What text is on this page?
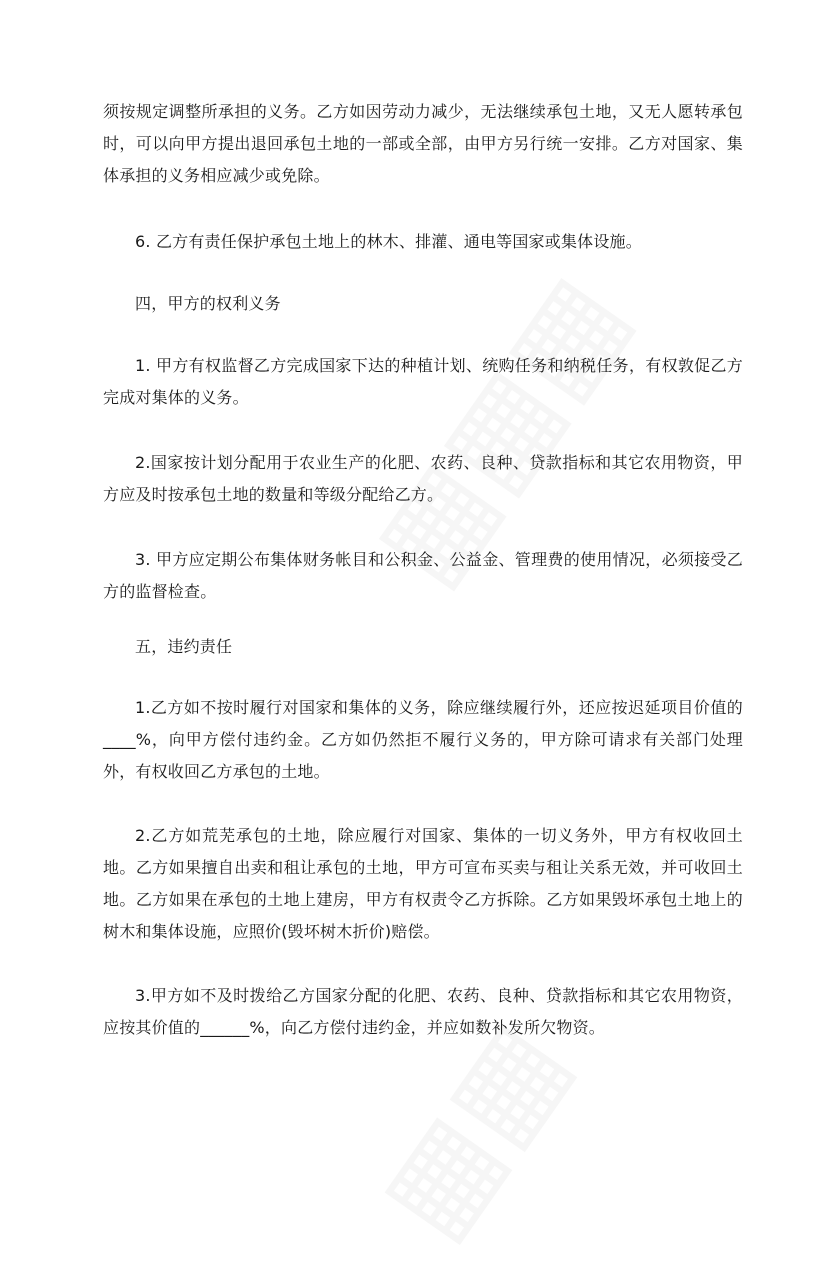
须按规定调整所承担的义务。乙方如因劳动力减少，无法继续承包土地，又无人愿转承包时，可以向甲方提出退回承包土地的一部或全部，由甲方另行统一安排。乙方对国家、集体承担的义务相应减少或免除。

6. 乙方有责任保护承包土地上的林木、排灌、通电等国家或集体设施。

四，甲方的权利义务

1. 甲方有权监督乙方完成国家下达的种植计划、统购任务和纳税任务，有权敦促乙方完成对集体的义务。

2.国家按计划分配用于农业生产的化肥、农药、良种、贷款指标和其它农用物资，甲方应及时按承包土地的数量和等级分配给乙方。

3. 甲方应定期公布集体财务帐目和公积金、公益金、管理费的使用情况，必须接受乙方的监督检查。

五，违约责任

1.乙方如不按时履行对国家和集体的义务，除应继续履行外，还应按迟延项目价值的____%，向甲方偿付违约金。乙方如仍然拒不履行义务的，甲方除可请求有关部门处理外，有权收回乙方承包的土地。

2.乙方如荒芜承包的土地，除应履行对国家、集体的一切义务外，甲方有权收回土地。乙方如果擅自出卖和租让承包的土地，甲方可宣布买卖与租让关系无效，并可收回土地。乙方如果在承包的土地上建房，甲方有权责令乙方拆除。乙方如果毁坏承包土地上的树木和集体设施，应照价(毁坏树木折价)赔偿。

3.甲方如不及时拨给乙方国家分配的化肥、农药、良种、贷款指标和其它农用物资，应按其价值的______%，向乙方偿付违约金，并应如数补发所欠物资。
